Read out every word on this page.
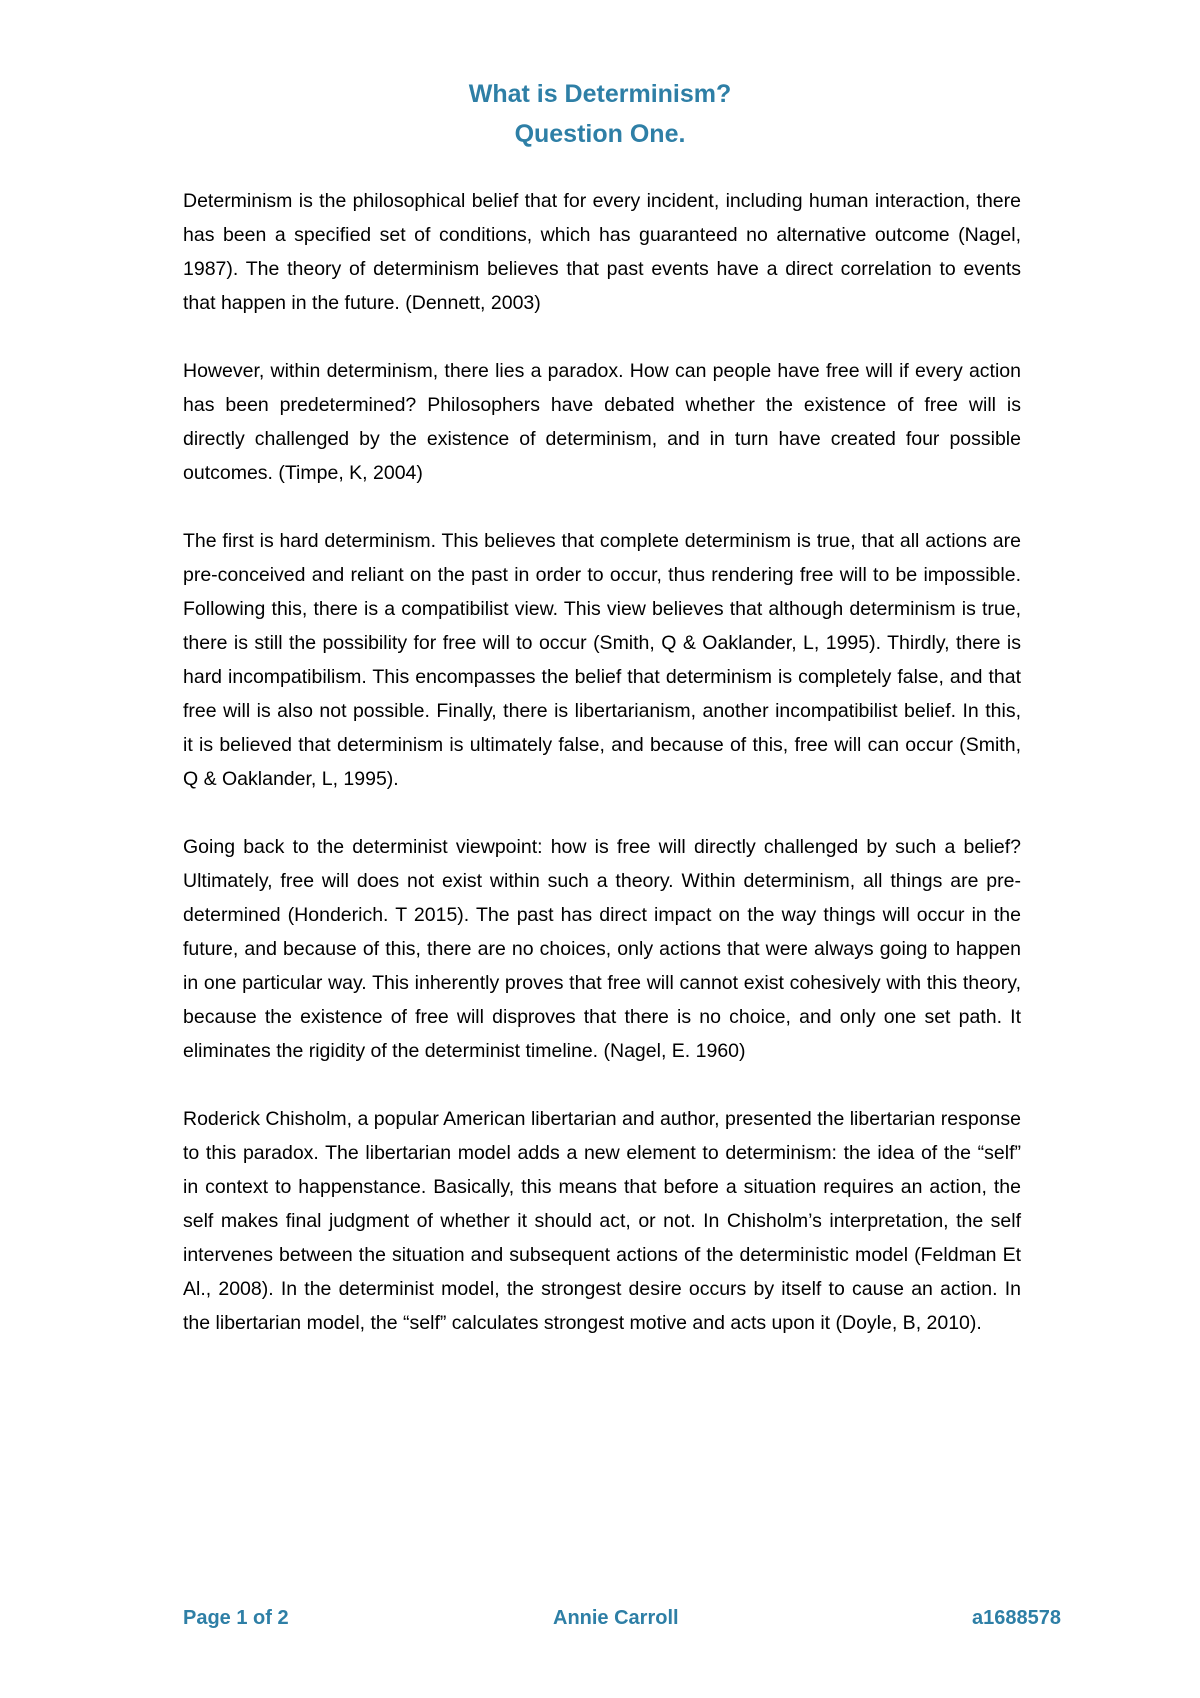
What is Determinism?
Question One.

Determinism is the philosophical belief that for every incident, including human interaction, there has been a specified set of conditions, which has guaranteed no alternative outcome (Nagel, 1987). The theory of determinism believes that past events have a direct correlation to events that happen in the future. (Dennett, 2003)

However, within determinism, there lies a paradox. How can people have free will if every action has been predetermined? Philosophers have debated whether the existence of free will is directly challenged by the existence of determinism, and in turn have created four possible outcomes. (Timpe, K, 2004)

The first is hard determinism. This believes that complete determinism is true, that all actions are pre-conceived and reliant on the past in order to occur, thus rendering free will to be impossible. Following this, there is a compatibilist view. This view believes that although determinism is true, there is still the possibility for free will to occur (Smith, Q & Oaklander, L, 1995). Thirdly, there is hard incompatibilism. This encompasses the belief that determinism is completely false, and that free will is also not possible. Finally, there is libertarianism, another incompatibilist belief. In this, it is believed that determinism is ultimately false, and because of this, free will can occur (Smith, Q & Oaklander, L, 1995).

Going back to the determinist viewpoint: how is free will directly challenged by such a belief? Ultimately, free will does not exist within such a theory. Within determinism, all things are pre-determined (Honderich. T 2015). The past has direct impact on the way things will occur in the future, and because of this, there are no choices, only actions that were always going to happen in one particular way. This inherently proves that free will cannot exist cohesively with this theory, because the existence of free will disproves that there is no choice, and only one set path. It eliminates the rigidity of the determinist timeline. (Nagel, E. 1960)

Roderick Chisholm, a popular American libertarian and author, presented the libertarian response to this paradox. The libertarian model adds a new element to determinism: the idea of the “self” in context to happenstance. Basically, this means that before a situation requires an action, the self makes final judgment of whether it should act, or not. In Chisholm’s interpretation, the self intervenes between the situation and subsequent actions of the deterministic model (Feldman Et Al., 2008). In the determinist model, the strongest desire occurs by itself to cause an action. In the libertarian model, the “self” calculates strongest motive and acts upon it (Doyle, B, 2010).

Page 1 of 2	Annie Carroll	a1688578
